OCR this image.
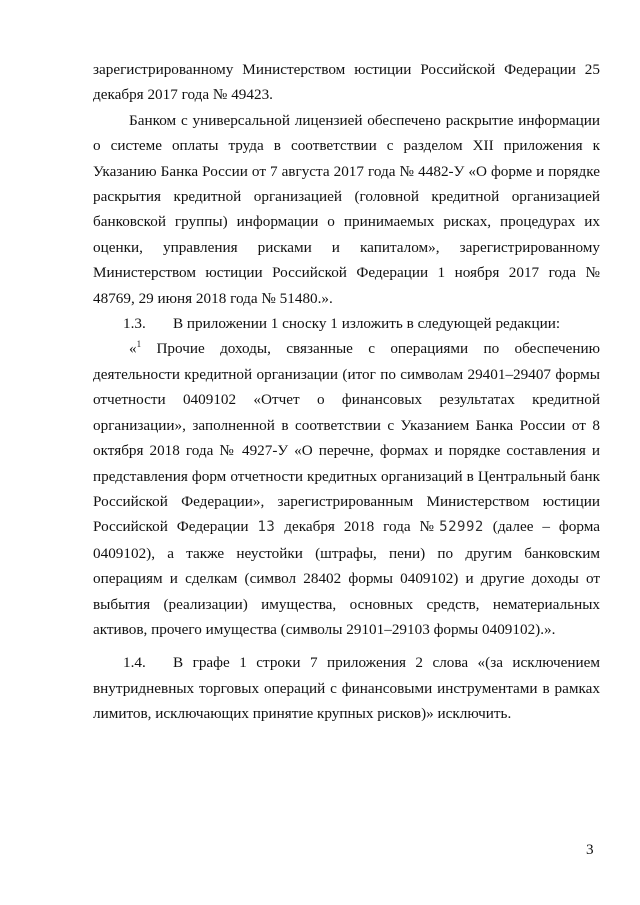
зарегистрированному Министерством юстиции Российской Федерации 25 декабря 2017 года № 49423.

Банком с универсальной лицензией обеспечено раскрытие информации о системе оплаты труда в соответствии с разделом XII приложения к Указанию Банка России от 7 августа 2017 года № 4482-У «О форме и порядке раскрытия кредитной организацией (головной кредитной организацией банковской группы) информации о принимаемых рисках, процедурах их оценки, управления рисками и капиталом», зарегистрированному Министерством юстиции Российской Федерации 1 ноября 2017 года № 48769, 29 июня 2018 года № 51480.».

1.3. В приложении 1 сноску 1 изложить в следующей редакции:

«$^1$ Прочие доходы, связанные с операциями по обеспечению деятельности кредитной организации (итог по символам 29401–29407 формы отчетности 0409102 «Отчет о финансовых результатах кредитной организации», заполненной в соответствии с Указанием Банка России от 8 октября 2018 года № 4927-У «О перечне, формах и порядке составления и представления форм отчетности кредитных организаций в Центральный банк Российской Федерации», зарегистрированным Министерством юстиции Российской Федерации 13 декабря 2018 года №52992 (далее – форма 0409102), а также неустойки (штрафы, пени) по другим банковским операциям и сделкам (символ 28402 формы 0409102) и другие доходы от выбытия (реализации) имущества, основных средств, нематериальных активов, прочего имущества (символы 29101–29103 формы 0409102).».

1.4. В графе 1 строки 7 приложения 2 слова «(за исключением внутридневных торговых операций с финансовыми инструментами в рамках лимитов, исключающих принятие крупных рисков)» исключить.

3
